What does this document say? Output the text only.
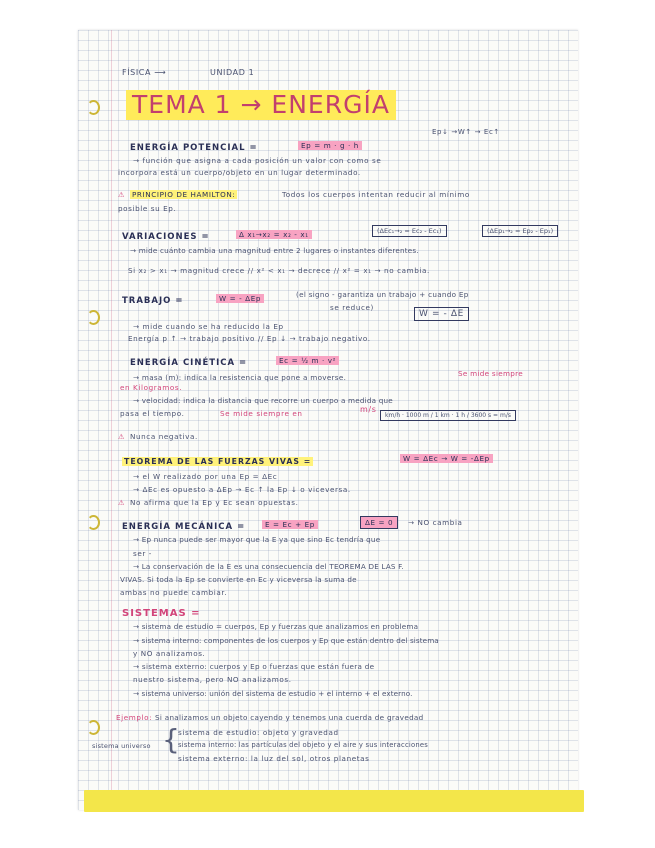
FÍSICA ⟶	UNIDAD 1
TEMA 1 → ENERGÍA
Ep↓ →W↑ → Ec↑
ENERGÍA POTENCIAL =	Ep = m · g · h
→ función que asigna a cada posición un valor con como se
incorpora está un cuerpo/objeto en un lugar determinado.
⚠ PRINCIPIO DE HAMILTON:	Todos los cuerpos intentan reducir al mínimo
posible su Ep.
VARIACIONES =	Δ x₁→x₂ = x₂ - x₁	(ΔEc₁→₂ = Ec₂ - Ec₁)	(ΔEp₁→₂ = Ep₂ - Ep₁)
→ mide cuánto cambia una magnitud entre 2 lugares o instantes diferentes.
Si x₂ > x₁ → magnitud crece // x² < x₁ → decrece // x² = x₁ → no cambia.
TRABAJO =	W = - ΔEp	(el signo - garantiza un trabajo + cuando Ep
se reduce)
W = - ΔE
→ mide cuando se ha reducido la Ep
Energía p ↑ → trabajo positivo // Ep ↓ → trabajo negativo.
ENERGÍA CINÉTICA =	Ec = ½ m · v²
→ masa (m): indica la resistencia que pone a moverse.	Se mide siempre
en Kilogramos.
→ velocidad: indica la distancia que recorre un cuerpo a medida que
pasa el tiempo.	Se mide siempre en	m/s
km/h · 1000 m / 1 km · 1 h / 3600 s = m/s
⚠ Nunca negativa.
TEOREMA DE LAS FUERZAS VIVAS =	W = ΔEc → W = -ΔEp
→ el W realizado por una Ep = ΔEc
→ ΔEc es opuesto a ΔEp → Ec ↑ la Ep ↓ o viceversa.
⚠ No afirma que la Ep y Ec sean opuestas.
ENERGÍA MECÁNICA =	E = Ec + Ep	ΔE = 0	→ NO cambia
→ Ep nunca puede ser mayor que la E ya que sino Ec tendría que
ser -
→ La conservación de la E es una consecuencia del TEOREMA DE LAS F.
VIVAS. Si toda la Ep se convierte en Ec y viceversa la suma de
ambas no puede cambiar.
SISTEMAS =
→ sistema de estudio = cuerpos, Ep y fuerzas que analizamos en problema
→ sistema interno: componentes de los cuerpos y Ep que están dentro del sistema
y NO analizamos.
→ sistema externo: cuerpos y Ep o fuerzas que están fuera de
nuestro sistema, pero NO analizamos.
→ sistema universo: unión del sistema de estudio + el interno + el externo.
Ejemplo: Si analizamos un objeto cayendo y tenemos una cuerda de gravedad
sistema universo {
sistema de estudio: objeto y gravedad
sistema interno: las partículas del objeto y el aire y sus interacciones
sistema externo: la luz del sol, otros planetas
